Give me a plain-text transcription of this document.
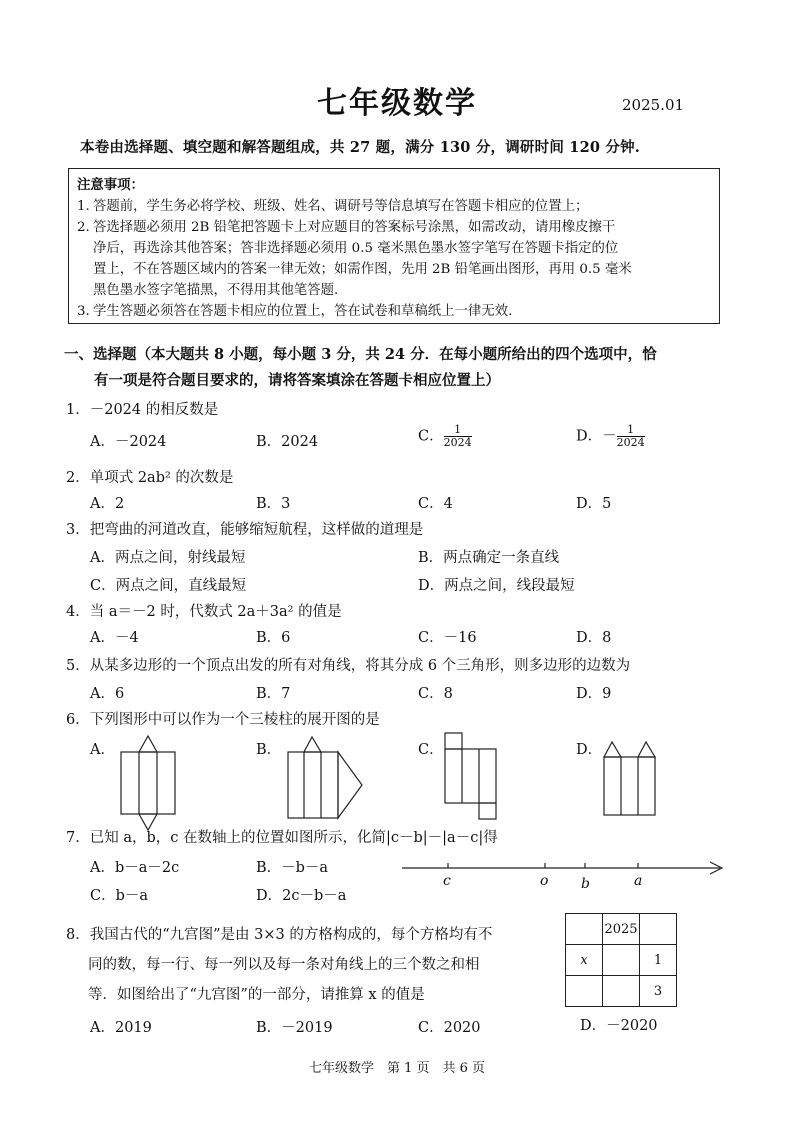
七年级数学	2025.01
本卷由选择题、填空题和解答题组成，共 27 题，满分 130 分，调研时间 120 分钟.
注意事项：
1. 答题前，学生务必将学校、班级、姓名、调研号等信息填写在答题卡相应的位置上；
2. 答选择题必须用 2B 铅笔把答题卡上对应题目的答案标号涂黑，如需改动，请用橡皮擦干
净后，再选涂其他答案；答非选择题必须用 0.5 毫米黑色墨水签字笔写在答题卡指定的位
置上，不在答题区域内的答案一律无效；如需作图，先用 2B 铅笔画出图形，再用 0.5 毫米
黑色墨水签字笔描黑，不得用其他笔答题.
3. 学生答题必须答在答题卡相应的位置上，答在试卷和草稿纸上一律无效.
一、选择题（本大题共 8 小题，每小题 3 分，共 24 分．在每小题所给出的四个选项中，恰
有一项是符合题目要求的，请将答案填涂在答题卡相应位置上）
1．－2024 的相反数是
A．－2024	B．2024	C． $\frac{1}{2024}$	D．－ $\frac{1}{2024}$
2．单项式 2ab² 的次数是
A．2	B．3	C．4	D．5
3．把弯曲的河道改直，能够缩短航程，这样做的道理是
A．两点之间，射线最短	B．两点确定一条直线
C．两点之间，直线最短	D．两点之间，线段最短
4．当 a＝－2 时，代数式 2a＋3a² 的值是
A．－4	B．6	C．－16	D．8
5．从某多边形的一个顶点出发的所有对角线，将其分成 6 个三角形，则多边形的边数为
A．6	B．7	C．8	D．9
6．下列图形中可以作为一个三棱柱的展开图的是
A．	B．	C．	D．
c	o b	a
7．已知 a，b，c 在数轴上的位置如图所示，化简|c－b|－|a－c|得
A．b－a－2c	B．－b－a
C．b－a	D．2c－b－a
8．我国古代的“九宫图”是由 3×3 的方格构成的，每个方格均有不
同的数，每一行、每一列以及每一条对角线上的三个数之和相
等．如图给出了“九宫图”的一部分，请推算 x 的值是
	2025	
x		1
		3
A．2019	B．－2019	C．2020	D．－2020
七年级数学　第 1 页　共 6 页
